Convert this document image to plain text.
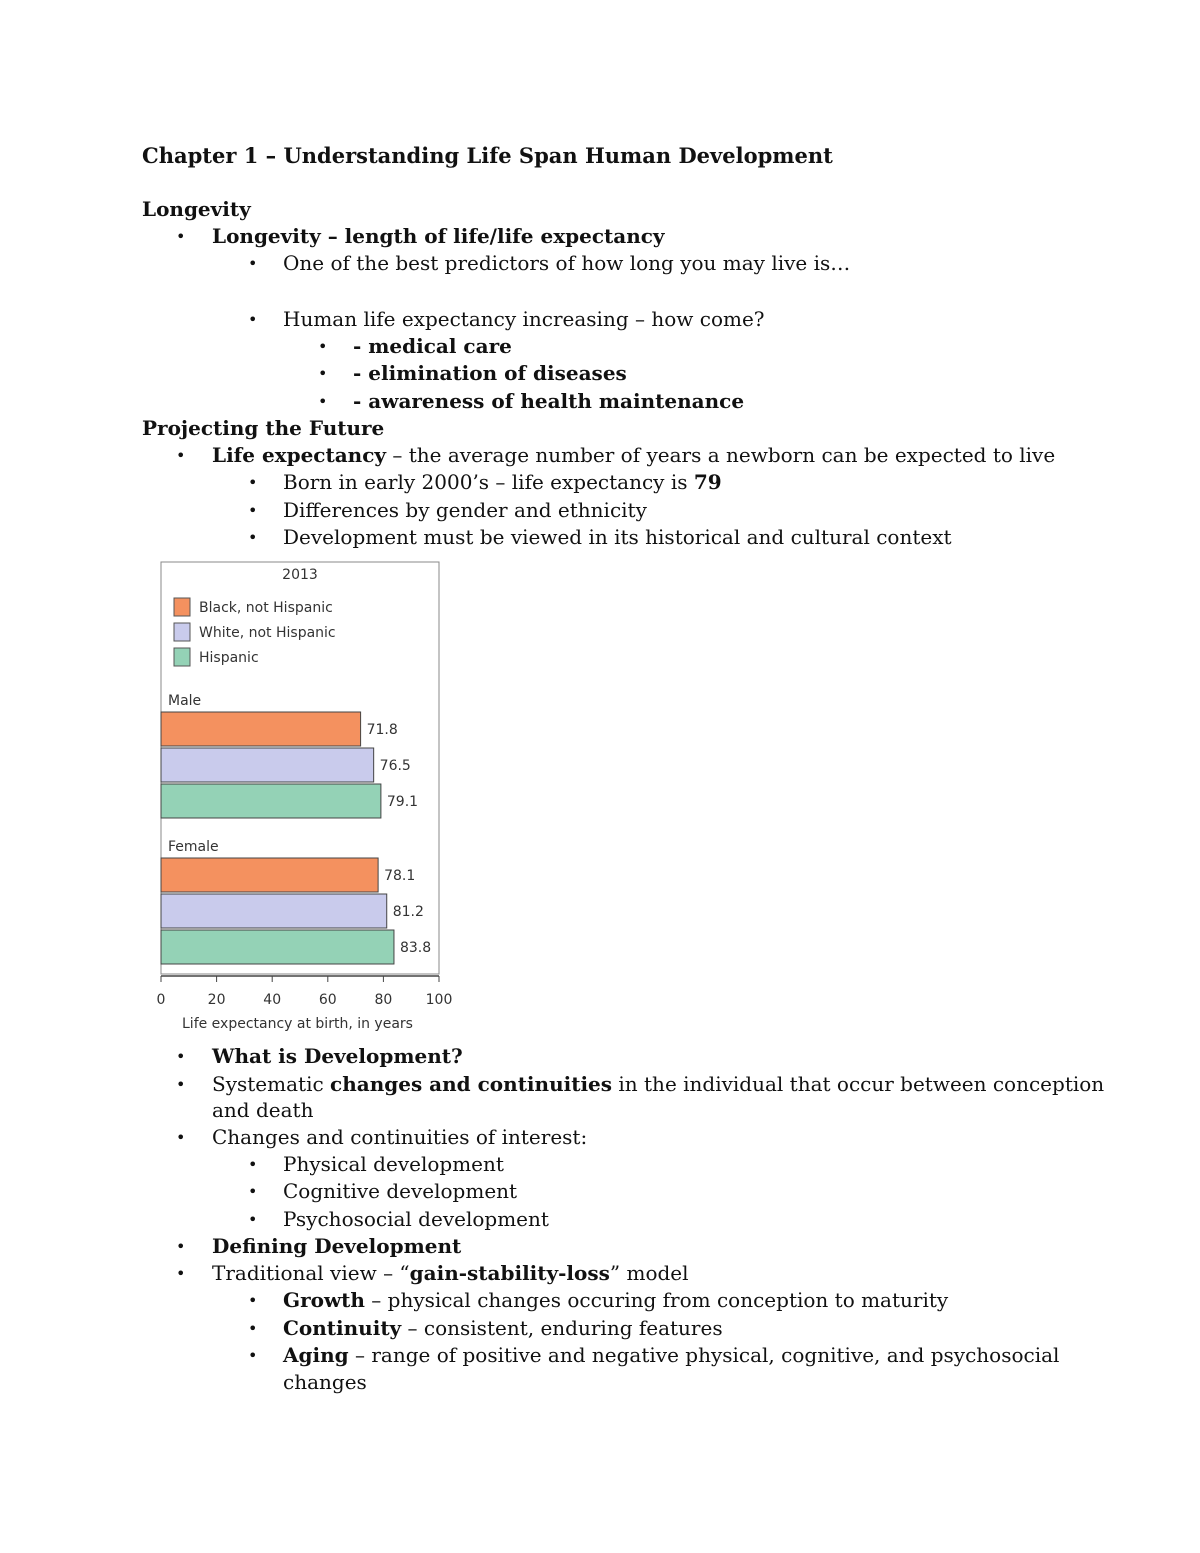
Chapter 1 – Understanding Life Span Human Development
Longevity
• Longevity – length of life/life expectancy
• One of the best predictors of how long you may live is…
• Human life expectancy increasing – how come?
• - medical care
• - elimination of diseases
• - awareness of health maintenance
Projecting the Future
• Life expectancy – the average number of years a newborn can be expected to live
• Born in early 2000’s – life expectancy is 79
• Differences by gender and ethnicity
• Development must be viewed in its historical and cultural context
2013
Black, not Hispanic
White, not Hispanic
Hispanic
Male
Female
71.8
76.5
79.1
78.1
81.2
83.8
0	20	40	60	80 100
Life expectancy at birth, in years
• What is Development?
• Systematic changes and continuities in the individual that occur between conception
and death
• Changes and continuities of interest:
• Physical development
• Cognitive development
• Psychosocial development
• Defining Development
• Traditional view – “gain-stability-loss” model
• Growth – physical changes occuring from conception to maturity
• Continuity – consistent, enduring features
• Aging – range of positive and negative physical, cognitive, and psychosocial
changes
